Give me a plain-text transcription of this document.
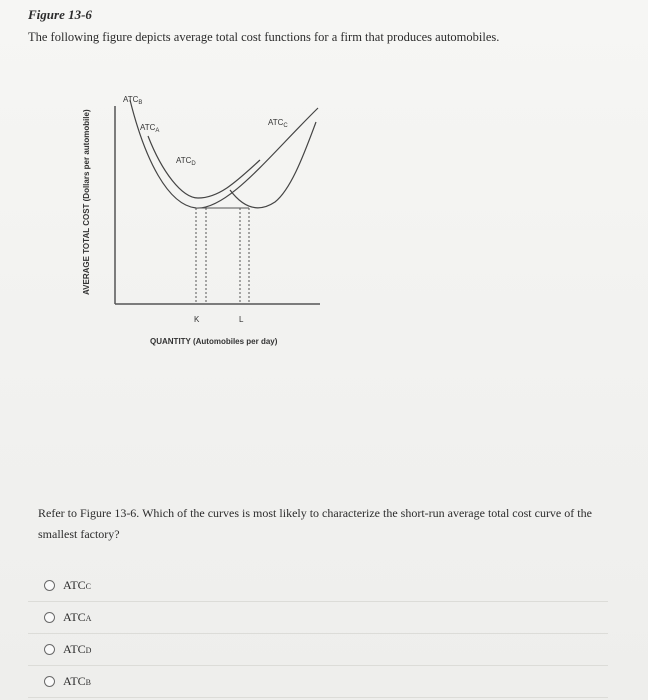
Figure 13-6
The following figure depicts average total cost functions for a firm that produces automobiles.
AVERAGE TOTAL COST (Dollars per automobile)
$ATC_B$
$ATC_A$
$ATC_D$
$ATC_C$
K	L
QUANTITY (Automobiles per day)
Refer to Figure 13-6. Which of the curves is most likely to characterize the short-run average total cost curve of the smallest factory?
ATCC
ATCA
ATCD
ATCB
